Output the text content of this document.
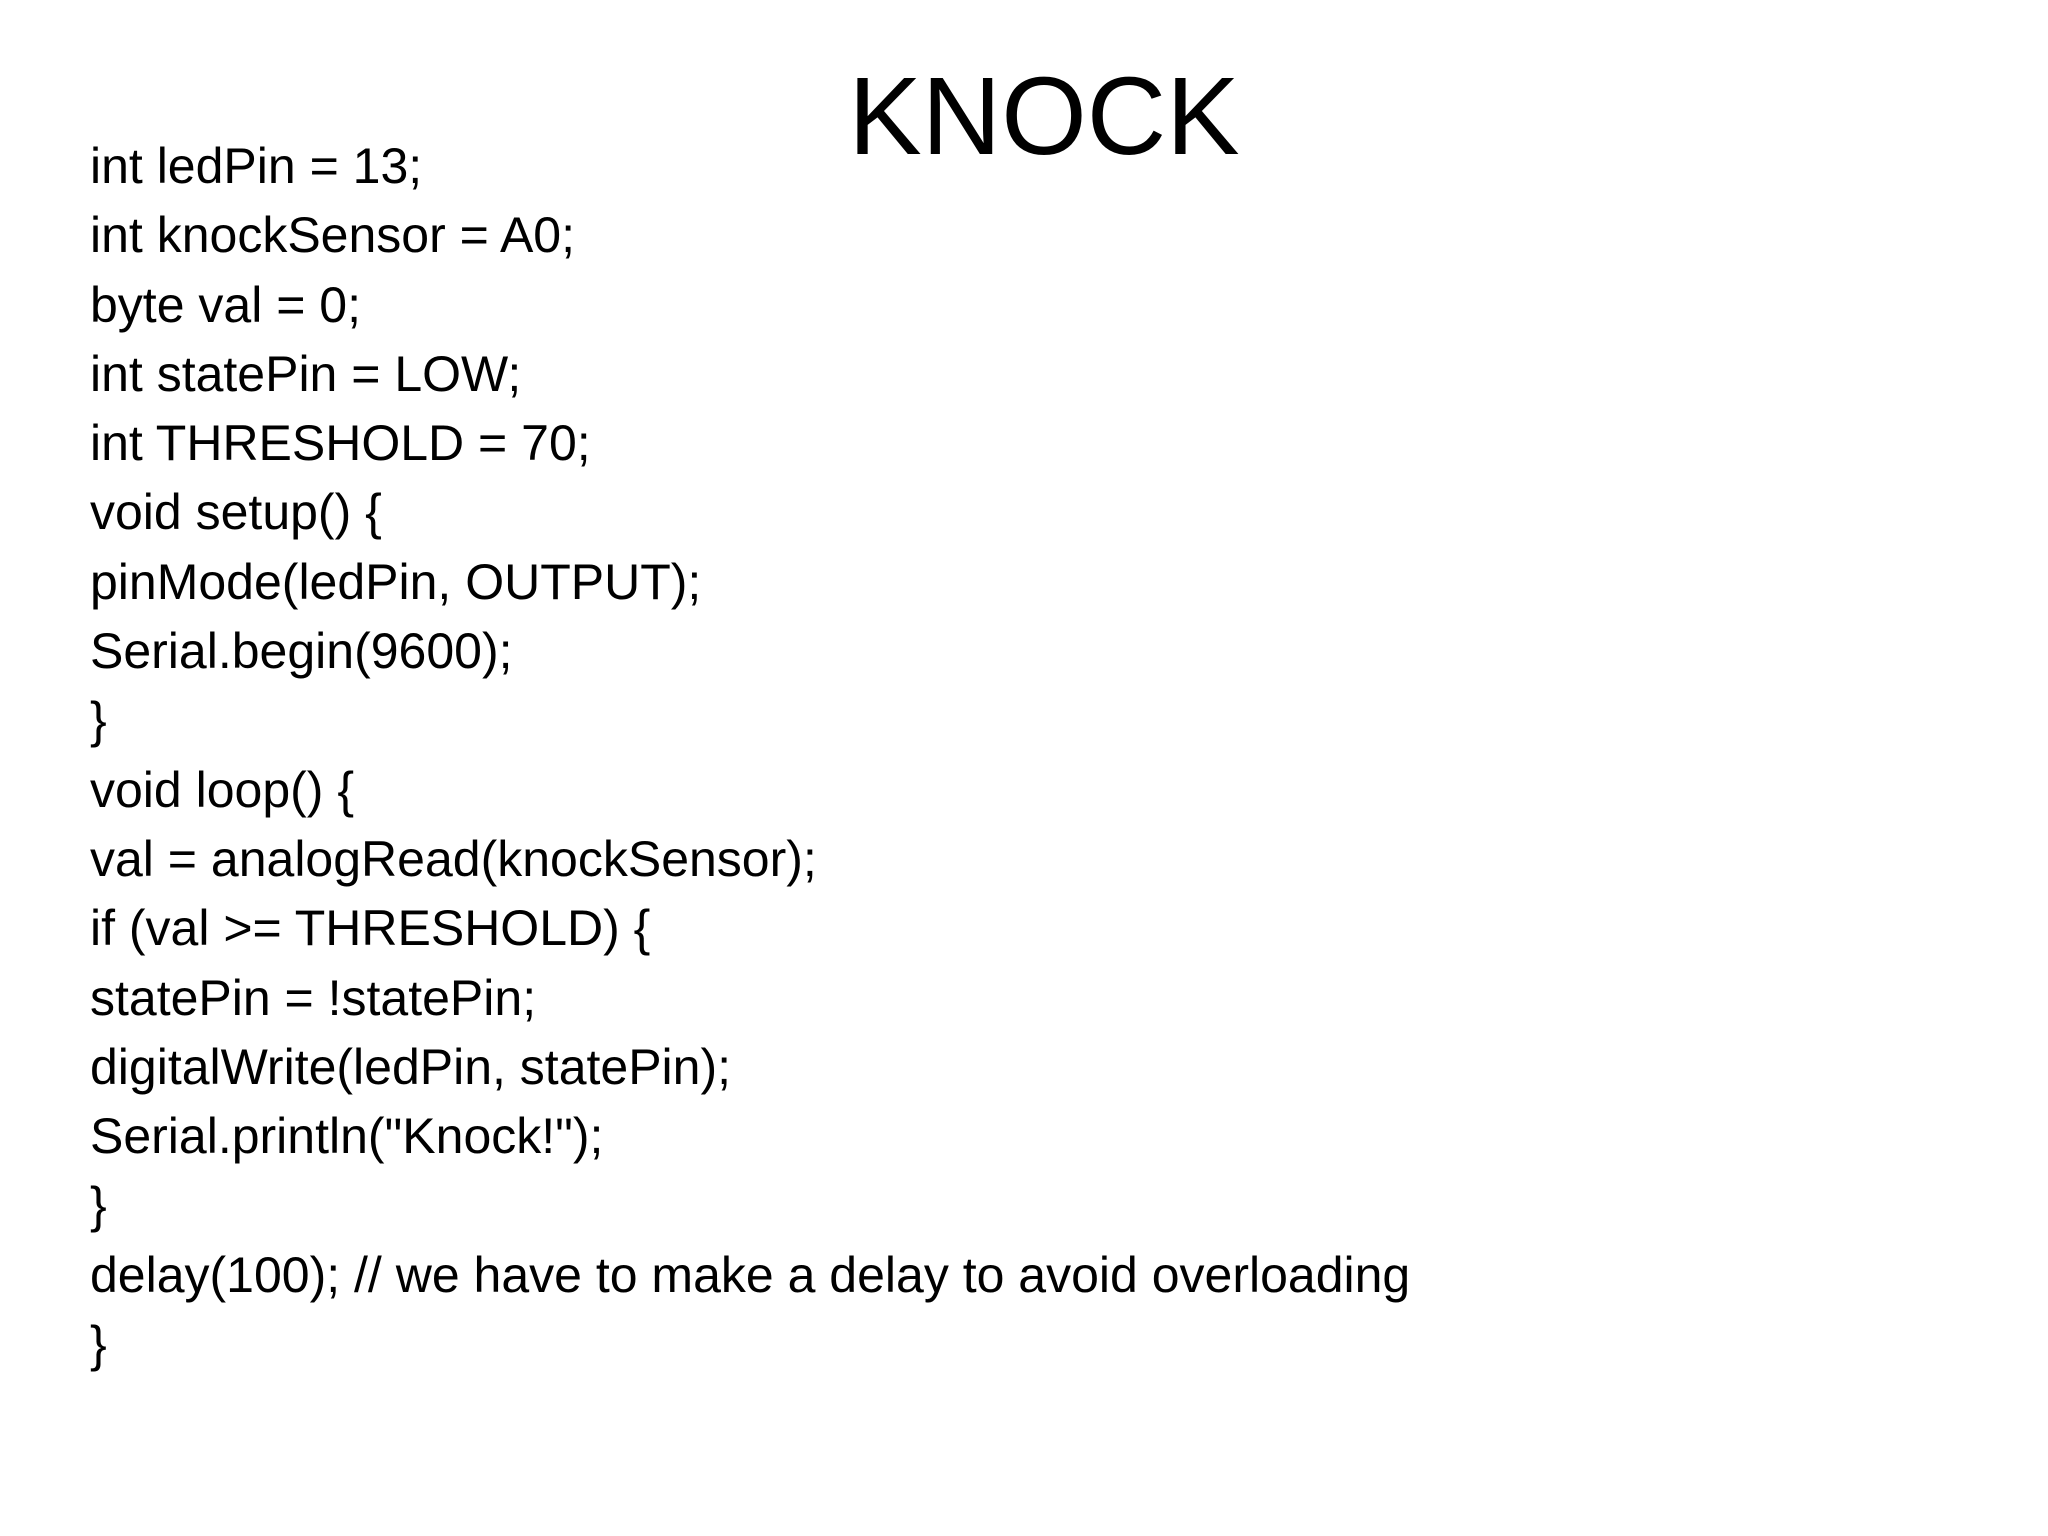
KNOCK
int ledPin = 13;
int knockSensor = A0;
byte val = 0;
int statePin = LOW;
int THRESHOLD = 70;
void setup() {
pinMode(ledPin, OUTPUT);
Serial.begin(9600);
}
void loop() {
val = analogRead(knockSensor);
if (val >= THRESHOLD) {
statePin = !statePin;
digitalWrite(ledPin, statePin);
Serial.println("Knock!");
}
delay(100); // we have to make a delay to avoid overloading
}
